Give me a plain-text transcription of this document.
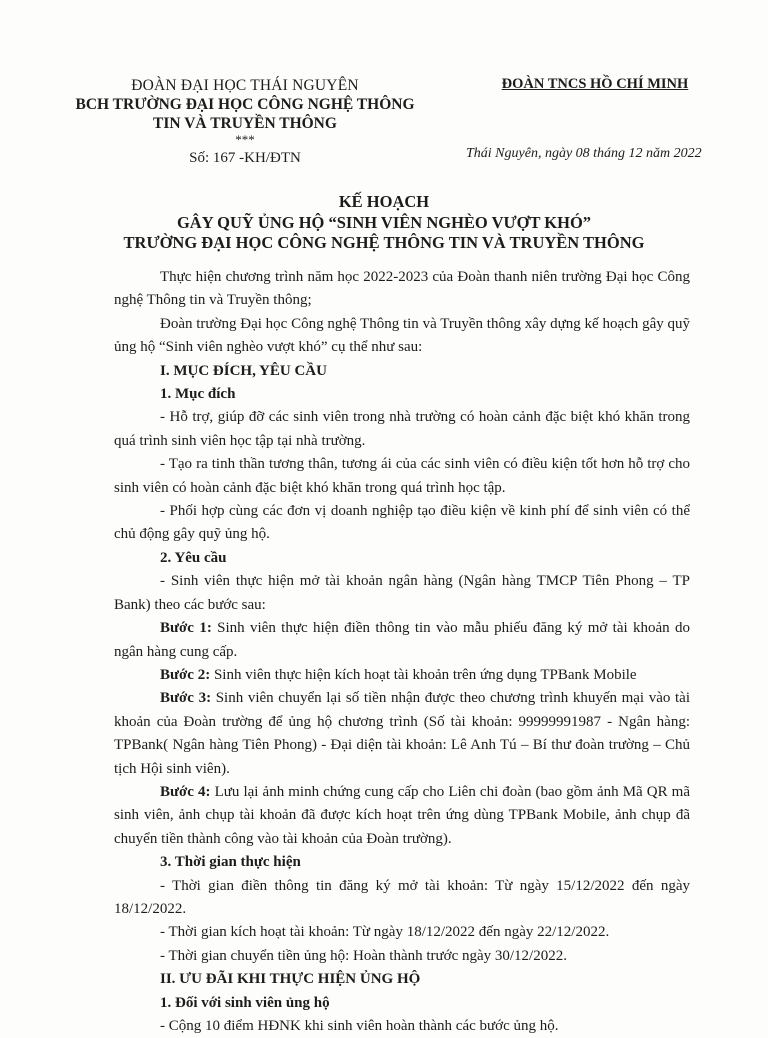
ĐOÀN ĐẠI HỌC THÁI NGUYÊN
BCH TRƯỜNG ĐẠI HỌC CÔNG NGHỆ THÔNG
TIN VÀ TRUYỀN THÔNG
***
Số: 167 -KH/ĐTN
ĐOÀN TNCS HỒ CHÍ MINH
Thái Nguyên, ngày 08 tháng 12 năm 2022
KẾ HOẠCH
GÂY QUỸ ỦNG HỘ “SINH VIÊN NGHÈO VƯỢT KHÓ”
TRƯỜNG ĐẠI HỌC CÔNG NGHỆ THÔNG TIN VÀ TRUYỀN THÔNG

Thực hiện chương trình năm học 2022-2023 của Đoàn thanh niên trường Đại học Công nghệ Thông tin và Truyền thông;

Đoàn trường Đại học Công nghệ Thông tin và Truyền thông xây dựng kế hoạch gây quỹ ủng hộ “Sinh viên nghèo vượt khó” cụ thể như sau:

I. MỤC ĐÍCH, YÊU CẦU

1. Mục đích

- Hỗ trợ, giúp đỡ các sinh viên trong nhà trường có hoàn cảnh đặc biệt khó khăn trong quá trình sinh viên học tập tại nhà trường.

- Tạo ra tinh thần tương thân, tương ái của các sinh viên có điều kiện tốt hơn hỗ trợ cho sinh viên có hoàn cảnh đặc biệt khó khăn trong quá trình học tập.

- Phối hợp cùng các đơn vị doanh nghiệp tạo điều kiện về kinh phí để sinh viên có thể chủ động gây quỹ ủng hộ.

2. Yêu cầu

- Sinh viên thực hiện mở tài khoản ngân hàng (Ngân hàng TMCP Tiên Phong – TP Bank) theo các bước sau:

Bước 1: Sinh viên thực hiện điền thông tin vào mẫu phiếu đăng ký mở tài khoản do ngân hàng cung cấp.

Bước 2: Sinh viên thực hiện kích hoạt tài khoản trên ứng dụng TPBank Mobile

Bước 3: Sinh viên chuyển lại số tiền nhận được theo chương trình khuyến mại vào tài khoản của Đoàn trường để ủng hộ chương trình (Số tài khoản: 99999991987 - Ngân hàng: TPBank( Ngân hàng Tiên Phong) - Đại diện tài khoản: Lê Anh Tú – Bí thư đoàn trường – Chủ tịch Hội sinh viên).

Bước 4: Lưu lại ảnh minh chứng cung cấp cho Liên chi đoàn (bao gồm ảnh Mã QR mã sinh viên, ảnh chụp tài khoản đã được kích hoạt trên ứng dùng TPBank Mobile, ảnh chụp đã chuyển tiền thành công vào tài khoản của Đoàn trường).

3. Thời gian thực hiện

- Thời gian điền thông tin đăng ký mở tài khoản: Từ ngày 15/12/2022 đến ngày 18/12/2022.

- Thời gian kích hoạt tài khoản: Từ ngày 18/12/2022 đến ngày 22/12/2022.

- Thời gian chuyển tiền ủng hộ: Hoàn thành trước ngày 30/12/2022.

II. ƯU ĐÃI KHI THỰC HIỆN ỦNG HỘ

1. Đối với sinh viên ủng hộ

- Cộng 10 điểm HĐNK khi sinh viên hoàn thành các bước ủng hộ.
